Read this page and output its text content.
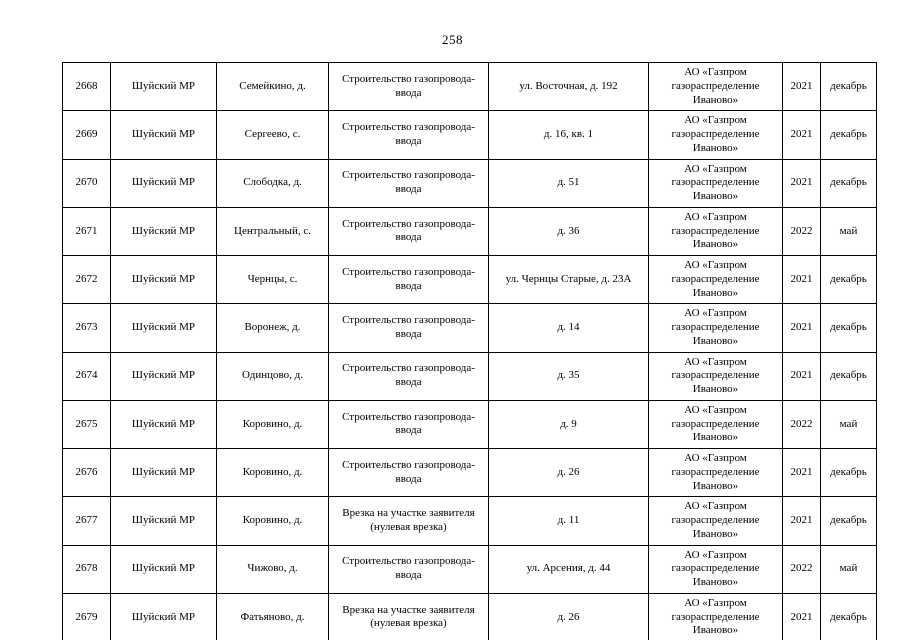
258
2668	Шуйский МР	Семейкино, д.	Строительство газопровода-ввода	ул. Восточная, д. 192	АО «Газпром газораспределение Иваново»	2021	декабрь
2669	Шуйский МР	Сергеево, с.	Строительство газопровода-ввода	д. 16, кв. 1	АО «Газпром газораспределение Иваново»	2021	декабрь
2670	Шуйский МР	Слободка, д.	Строительство газопровода-ввода	д. 51	АО «Газпром газораспределение Иваново»	2021	декабрь
2671	Шуйский МР	Центральный, с.	Строительство газопровода-ввода	д. 36	АО «Газпром газораспределение Иваново»	2022	май
2672	Шуйский МР	Чернцы, с.	Строительство газопровода-ввода	ул. Чернцы Старые, д. 23А	АО «Газпром газораспределение Иваново»	2021	декабрь
2673	Шуйский МР	Воронеж, д.	Строительство газопровода-ввода	д. 14	АО «Газпром газораспределение Иваново»	2021	декабрь
2674	Шуйский МР	Одинцово, д.	Строительство газопровода-ввода	д. 35	АО «Газпром газораспределение Иваново»	2021	декабрь
2675	Шуйский МР	Коровино, д.	Строительство газопровода-ввода	д. 9	АО «Газпром газораспределение Иваново»	2022	май
2676	Шуйский МР	Коровино, д.	Строительство газопровода-ввода	д. 26	АО «Газпром газораспределение Иваново»	2021	декабрь
2677	Шуйский МР	Коровино, д.	Врезка на участке заявителя (нулевая врезка)	д. 11	АО «Газпром газораспределение Иваново»	2021	декабрь
2678	Шуйский МР	Чижово, д.	Строительство газопровода-ввода	ул. Арсения, д. 44	АО «Газпром газораспределение Иваново»	2022	май
2679	Шуйский МР	Фатьяново, д.	Врезка на участке заявителя (нулевая врезка)	д. 26	АО «Газпром газораспределение Иваново»	2021	декабрь
